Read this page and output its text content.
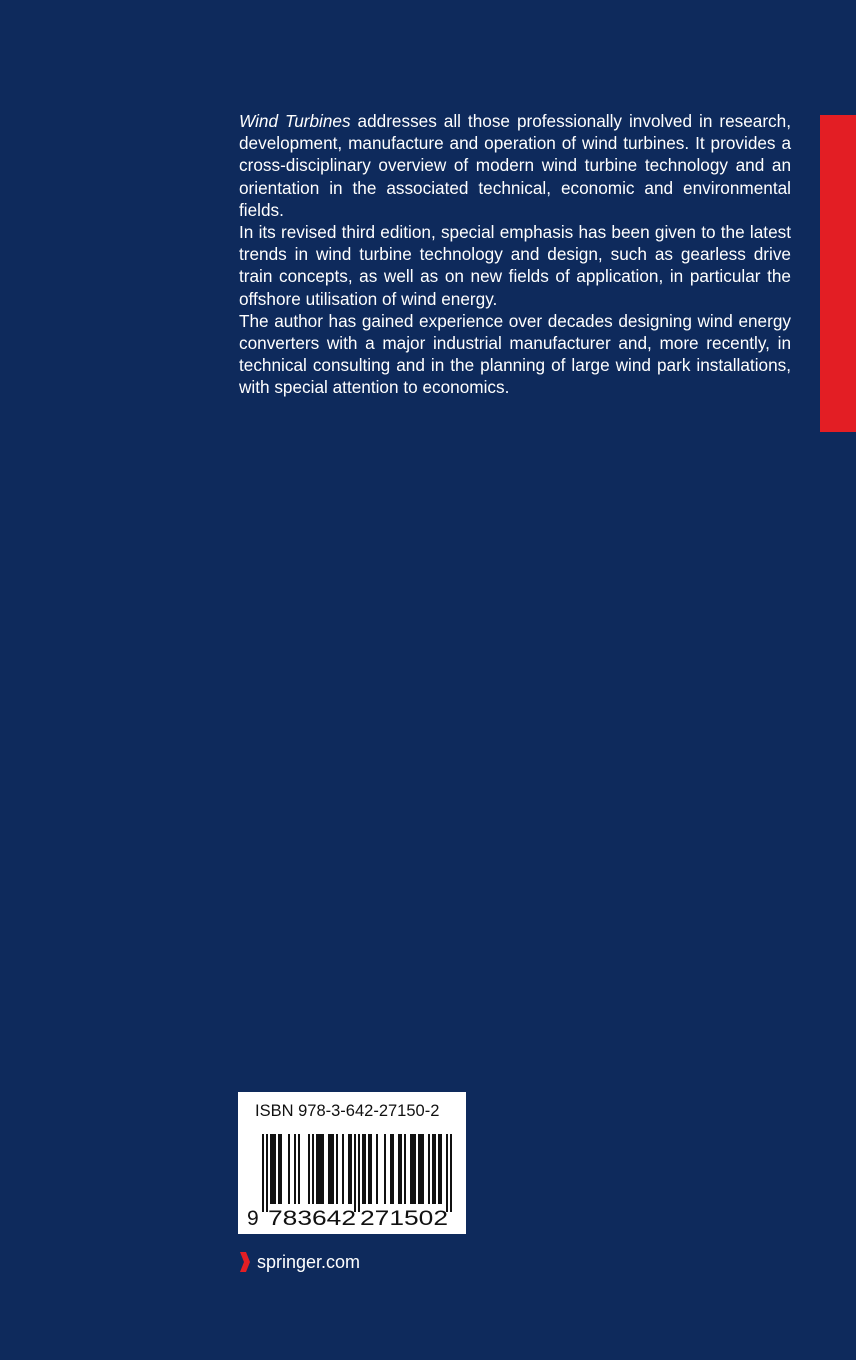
Wind Turbines addresses all those professionally involved in research, development, manufacture and operation of wind turbines. It provides a cross-disciplinary overview of modern wind turbine technology and an orientation in the associated technical, economic and environmental fields.

In its revised third edition, special emphasis has been given to the latest trends in wind turbine technology and design, such as gearless drive train concepts, as well as on new fields of application, in particular the offshore utilisation of wind energy.

The author has gained experience over decades designing wind energy converters with a major industrial manufacturer and, more recently, in technical consulting and in the planning of large wind park installations, with special attention to economics.

ISBN 978-3-642-27150-2
9 783642 271502
springer.com
